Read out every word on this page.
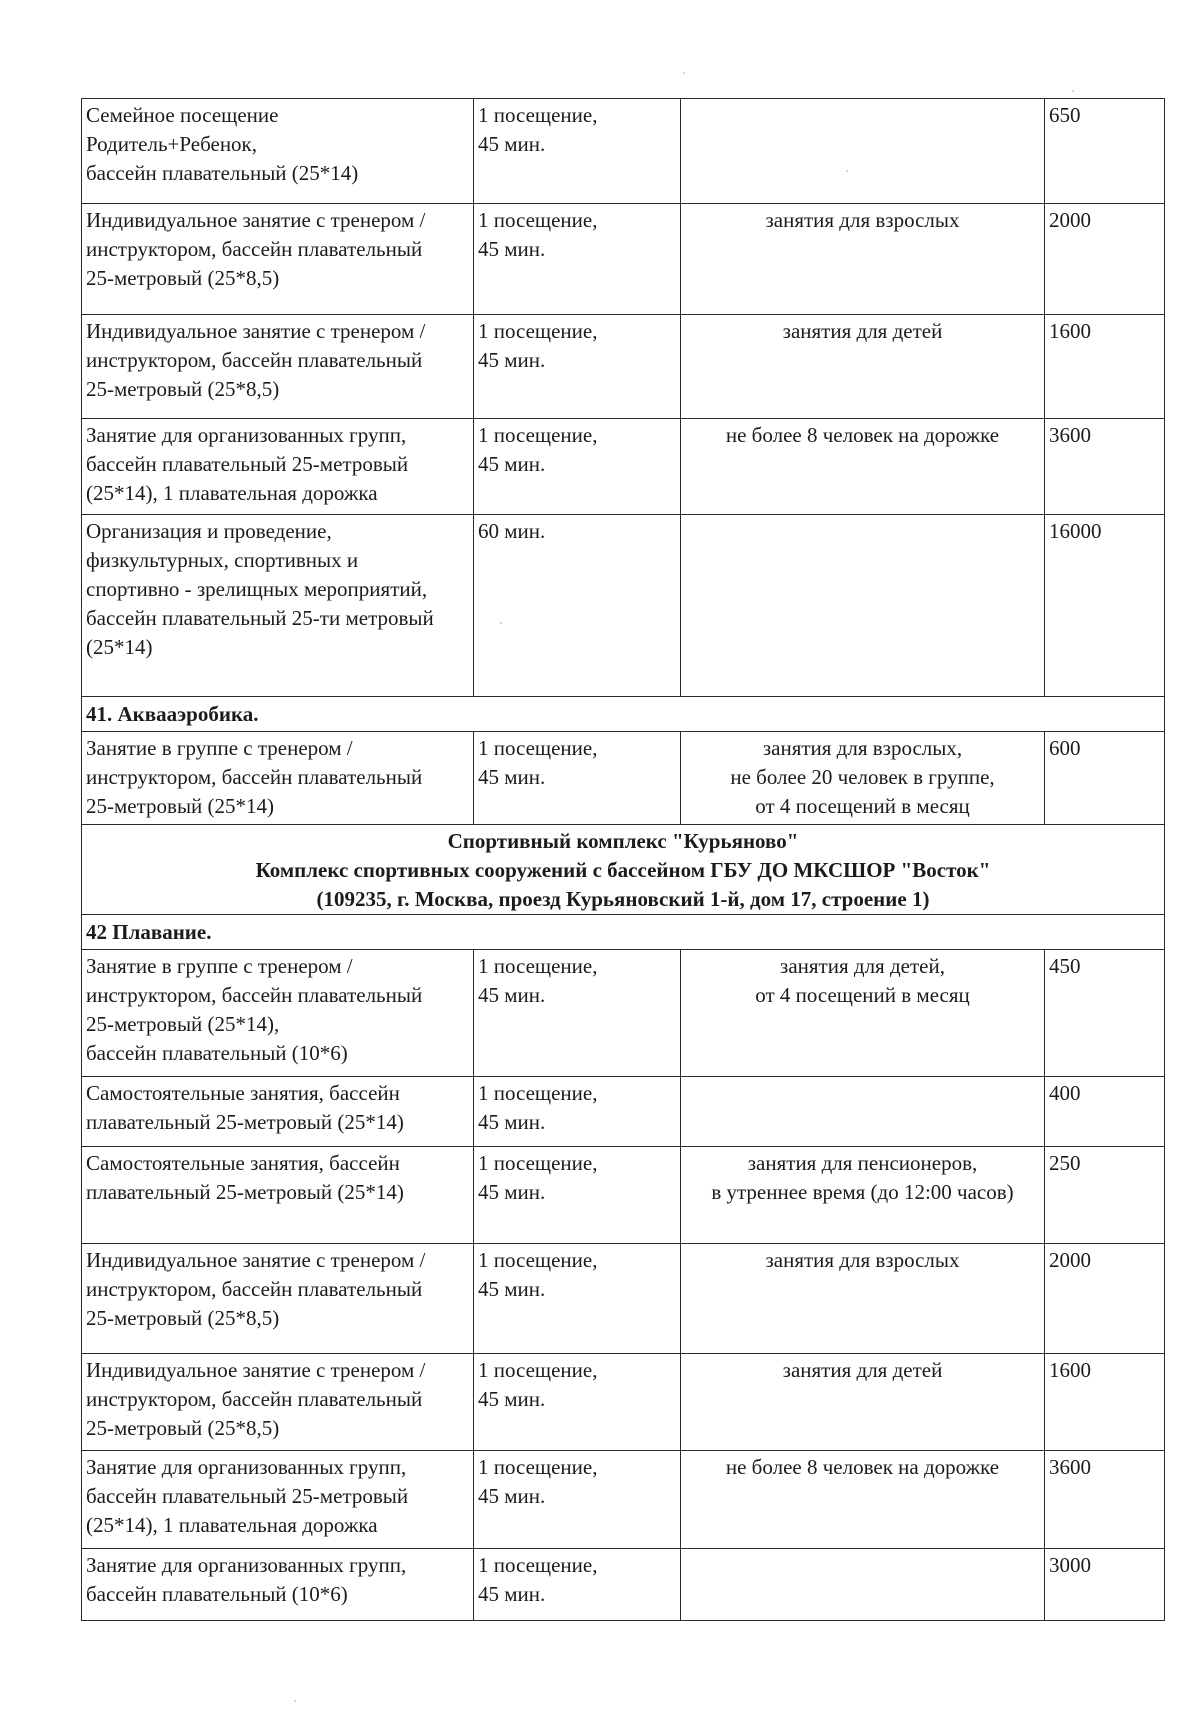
Семейное посещение
Родитель+Ребенок,
бассейн плавательный (25*14)	1 посещение,
45 мин.		650
Индивидуальное занятие с тренером /
инструктором, бассейн плавательный
25-метровый (25*8,5)	1 посещение,
45 мин.	занятия для взрослых	2000
Индивидуальное занятие с тренером /
инструктором, бассейн плавательный
25-метровый (25*8,5)	1 посещение,
45 мин.	занятия для детей	1600
Занятие для организованных групп,
бассейн плавательный 25-метровый
(25*14), 1 плавательная дорожка	1 посещение,
45 мин.	не более 8 человек на дорожке	3600
Организация и проведение,
физкультурных, спортивных и
спортивно - зрелищных мероприятий,
бассейн плавательный 25-ти метровый
(25*14)	60 мин.		16000
41. Аквааэробика.			
Занятие в группе с тренером /
инструктором, бассейн плавательный
25-метровый (25*14)	1 посещение,
45 мин.	занятия для взрослых,
не более 20 человек в группе,
от 4 посещений в месяц	600

Спортивный комплекс "Курьяново"
Комплекс спортивных сооружений с бассейном ГБУ ДО МКСШОР "Восток"
(109235, г. Москва, проезд Курьяновский 1-й, дом 17, строение 1)			

42 Плавание.			
Занятие в группе с тренером /
инструктором, бассейн плавательный
25-метровый (25*14),
бассейн плавательный (10*6)	1 посещение,
45 мин.	занятия для детей,
от 4 посещений в месяц	450
Самостоятельные занятия, бассейн
плавательный 25-метровый (25*14)	1 посещение,
45 мин.		400
Самостоятельные занятия, бассейн
плавательный 25-метровый (25*14)	1 посещение,
45 мин.	занятия для пенсионеров,
в утреннее время (до 12:00 часов)	250
Индивидуальное занятие с тренером /
инструктором, бассейн плавательный
25-метровый (25*8,5)	1 посещение,
45 мин.	занятия для взрослых	2000
Индивидуальное занятие с тренером /
инструктором, бассейн плавательный
25-метровый (25*8,5)	1 посещение,
45 мин.	занятия для детей	1600
Занятие для организованных групп,
бассейн плавательный 25-метровый
(25*14), 1 плавательная дорожка	1 посещение,
45 мин.	не более 8 человек на дорожке	3600
Занятие для организованных групп,
бассейн плавательный (10*6)	1 посещение,
45 мин.		3000
